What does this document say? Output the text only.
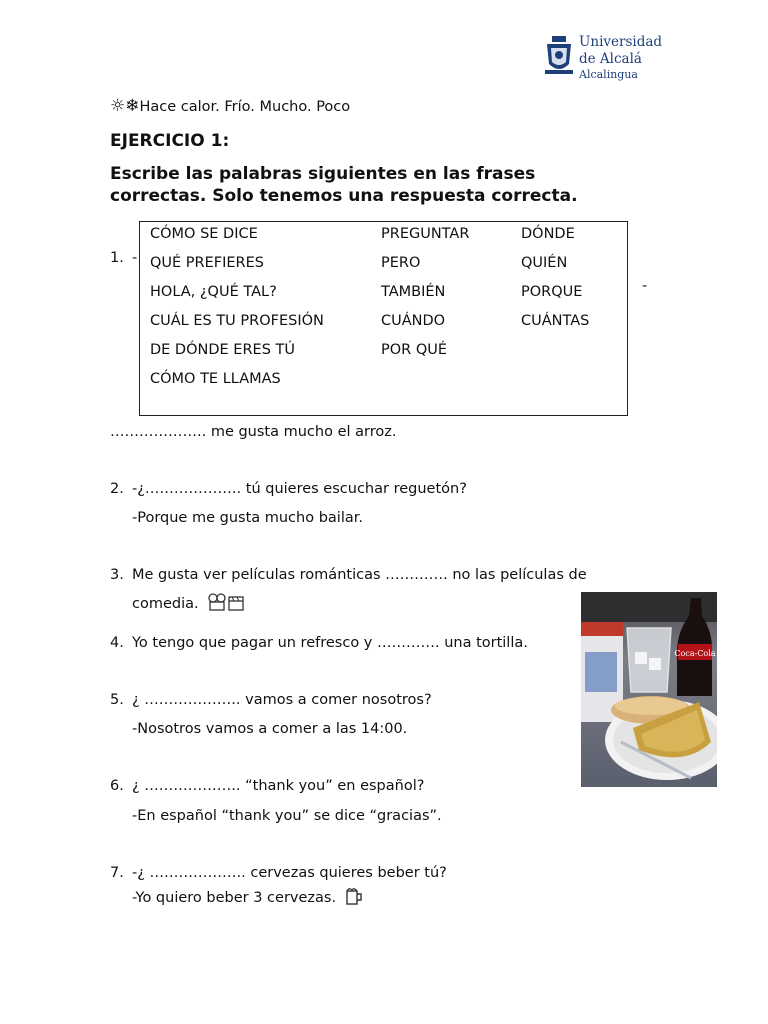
Universidad
de Alcalá
Alcalingua
☼❄Hace calor. Frío. Mucho. Poco
EJERCICIO 1:
Escribe las palabras siguientes en las frases correctas. Solo tenemos una respuesta correcta.
1. -
-
CÓMO SE DICE
QUÉ PREFIERES
HOLA, ¿QUÉ TAL?
CUÁL ES TU PROFESIÓN
DE DÓNDE ERES TÚ
CÓMO TE LLAMAS
PREGUNTAR
PERO
TAMBIÉN
CUÁNDO
POR QUÉ
DÓNDE
QUIÉN
PORQUE
CUÁNTAS
……………….. me gusta mucho el arroz.
2. -¿……………….. tú quieres escuchar reguetón?
-Porque me gusta mucho bailar.
3. Me gusta ver películas románticas …………. no las películas de
comedia.
Coca-Cola
4. Yo tengo que pagar un refresco y …………. una tortilla.
5. ¿ ……………….. vamos a comer nosotros?
-Nosotros vamos a comer a las 14:00.
6. ¿ ……………….. “thank you” en español?
-En español “thank you” se dice “gracias”.
7. -¿ ……………….. cervezas quieres beber tú?
-Yo quiero beber 3 cervezas.
